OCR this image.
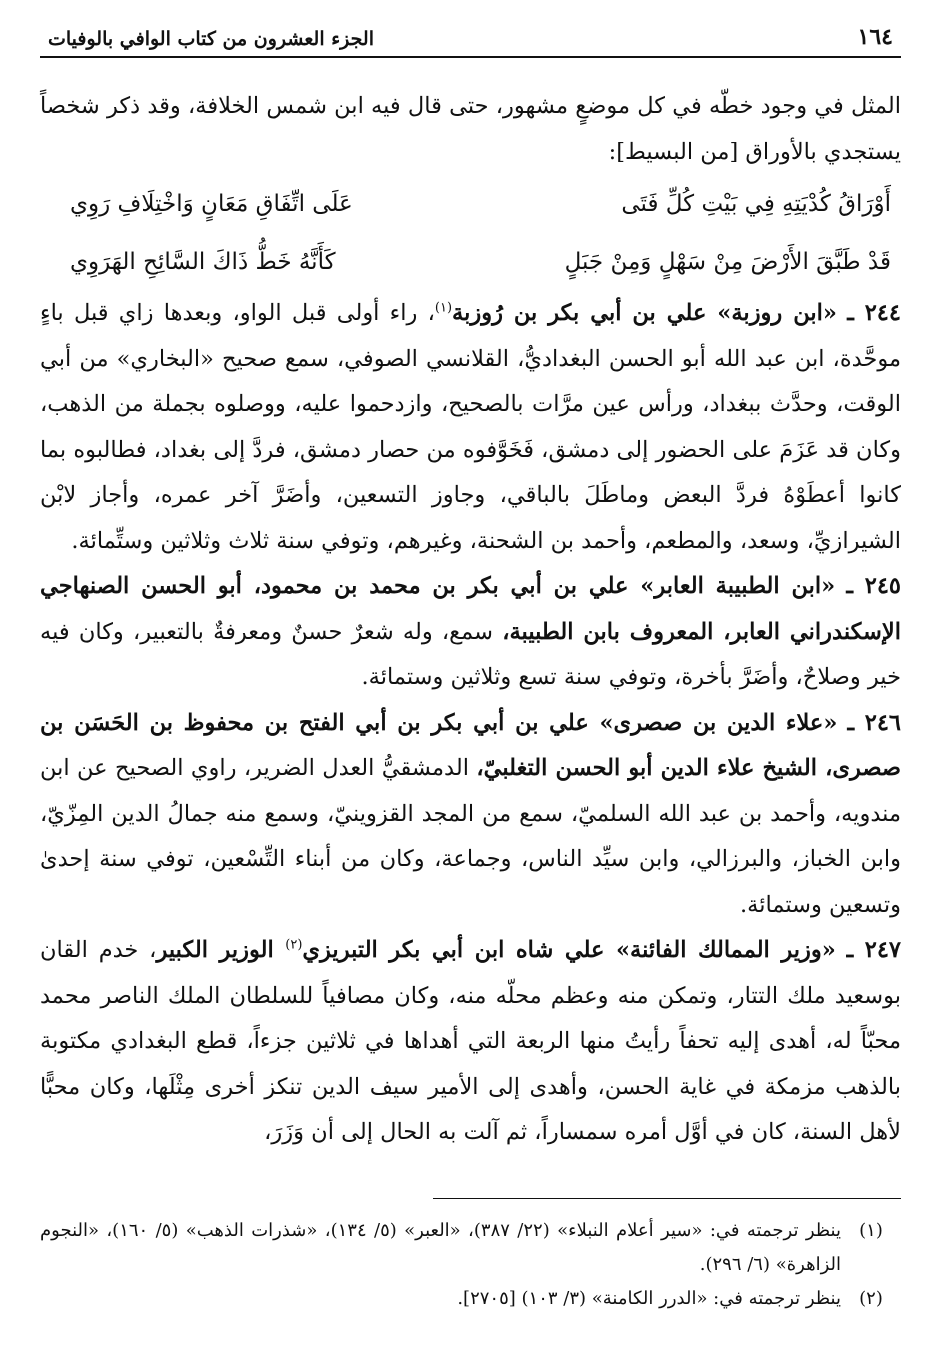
١٦٤
الجزء العشرون من كتاب الوافي بالوفيات

المثل في وجود خطّه في كل موضعٍ مشهور، حتى قال فيه ابن شمس الخلافة، وقد ذكر شخصاً يستجدي بالأوراق [من البسيط]:

أَوْرَاقُ كُدْيَتِهِ فِي بَيْتِ كُلِّ فَتَى
عَلَى اتِّفَاقِ مَعَانٍ وَاخْتِلَافِ رَوِي
قَدْ طَبَّقَ الأَرْضَ مِنْ سَهْلٍ وَمِنْ جَبَلٍ
كَأَنَّهُ خَطُّ ذَاكَ السَّائِحِ الهَرَوِي

٢٤٤ ـ «ابن روزبة» علي بن أبي بكر بن رُوزبة$^{(١)}$، راء أولى قبل الواو، وبعدها زاي قبل باءٍ موحَّدة، ابن عبد الله أبو الحسن البغداديُّ، القلانسي الصوفي، سمع صحيح «البخاري» من أبي الوقت، وحدَّث ببغداد، ورأس عين مرَّات بالصحيح، وازدحموا عليه، ووصلوه بجملة من الذهب، وكان قد عَزَمَ على الحضور إلى دمشق، فَخَوَّفوه من حصار دمشق، فردَّ إلى بغداد، فطالبوه بما كانوا أعطَوْهُ فردَّ البعض وماطَلَ بالباقي، وجاوز التسعين، وأضَرَّ آخر عمره، وأجاز لابْن الشيرازيِّ، وسعد، والمطعم، وأحمد بن الشحنة، وغيرهم، وتوفي سنة ثلاث وثلاثين وستِّمائة.

٢٤٥ ـ «ابن الطبيبة العابر» علي بن أبي بكر بن محمد بن محمود، أبو الحسن الصنهاجي الإسكندراني العابر، المعروف بابن الطبيبة، سمع، وله شعرٌ حسنٌ ومعرفةٌ بالتعبير، وكان فيه خير وصلاحٌ، وأضَرَّ بأخرة، وتوفي سنة تسع وثلاثين وستمائة.

٢٤٦ ـ «علاء الدين بن صصرى» علي بن أبي بكر بن أبي الفتح بن محفوظ بن الحَسَن بن صصرى، الشيخ علاء الدين أبو الحسن التغلبيّ، الدمشقيُّ العدل الضرير، راوي الصحيح عن ابن مندويه، وأحمد بن عبد الله السلميّ، سمع من المجد القزوينيّ، وسمع منه جمالُ الدين المِزّيّ، وابن الخباز، والبرزالي، وابن سيِّد الناس، وجماعة، وكان من أبناء التِّسْعين، توفي سنة إحدىٰ وتسعين وستمائة.

٢٤٧ ـ «وزير الممالك الفائنة» علي شاه ابن أبي بكر التبريزي$^{(٢)}$ الوزير الكبير، خدم القان بوسعيد ملك التتار، وتمكن منه وعظم محلّه منه، وكان مصافياً للسلطان الملك الناصر محمد محبّاً له، أهدى إليه تحفاً رأيتُ منها الربعة التي أهداها في ثلاثين جزءاً، قطع البغدادي مكتوبة بالذهب مزمكة في غاية الحسن، وأهدى إلى الأمير سيف الدين تنكز أخرى مِثْلَها، وكان محبًّا لأهل السنة، كان في أوَّل أمره سمساراً، ثم آلت به الحال إلى أن وَزَرَ،

(١)
ينظر ترجمته في: «سير أعلام النبلاء» (٢٢/ ٣٨٧)، «العبر» (٥/ ١٣٤)، «شذرات الذهب» (٥/ ١٦٠)، «النجوم الزاهرة» (٦/ ٢٩٦).
(٢)
ينظر ترجمته في: «الدرر الكامنة» (٣/ ١٠٣) [٢٧٠٥].
